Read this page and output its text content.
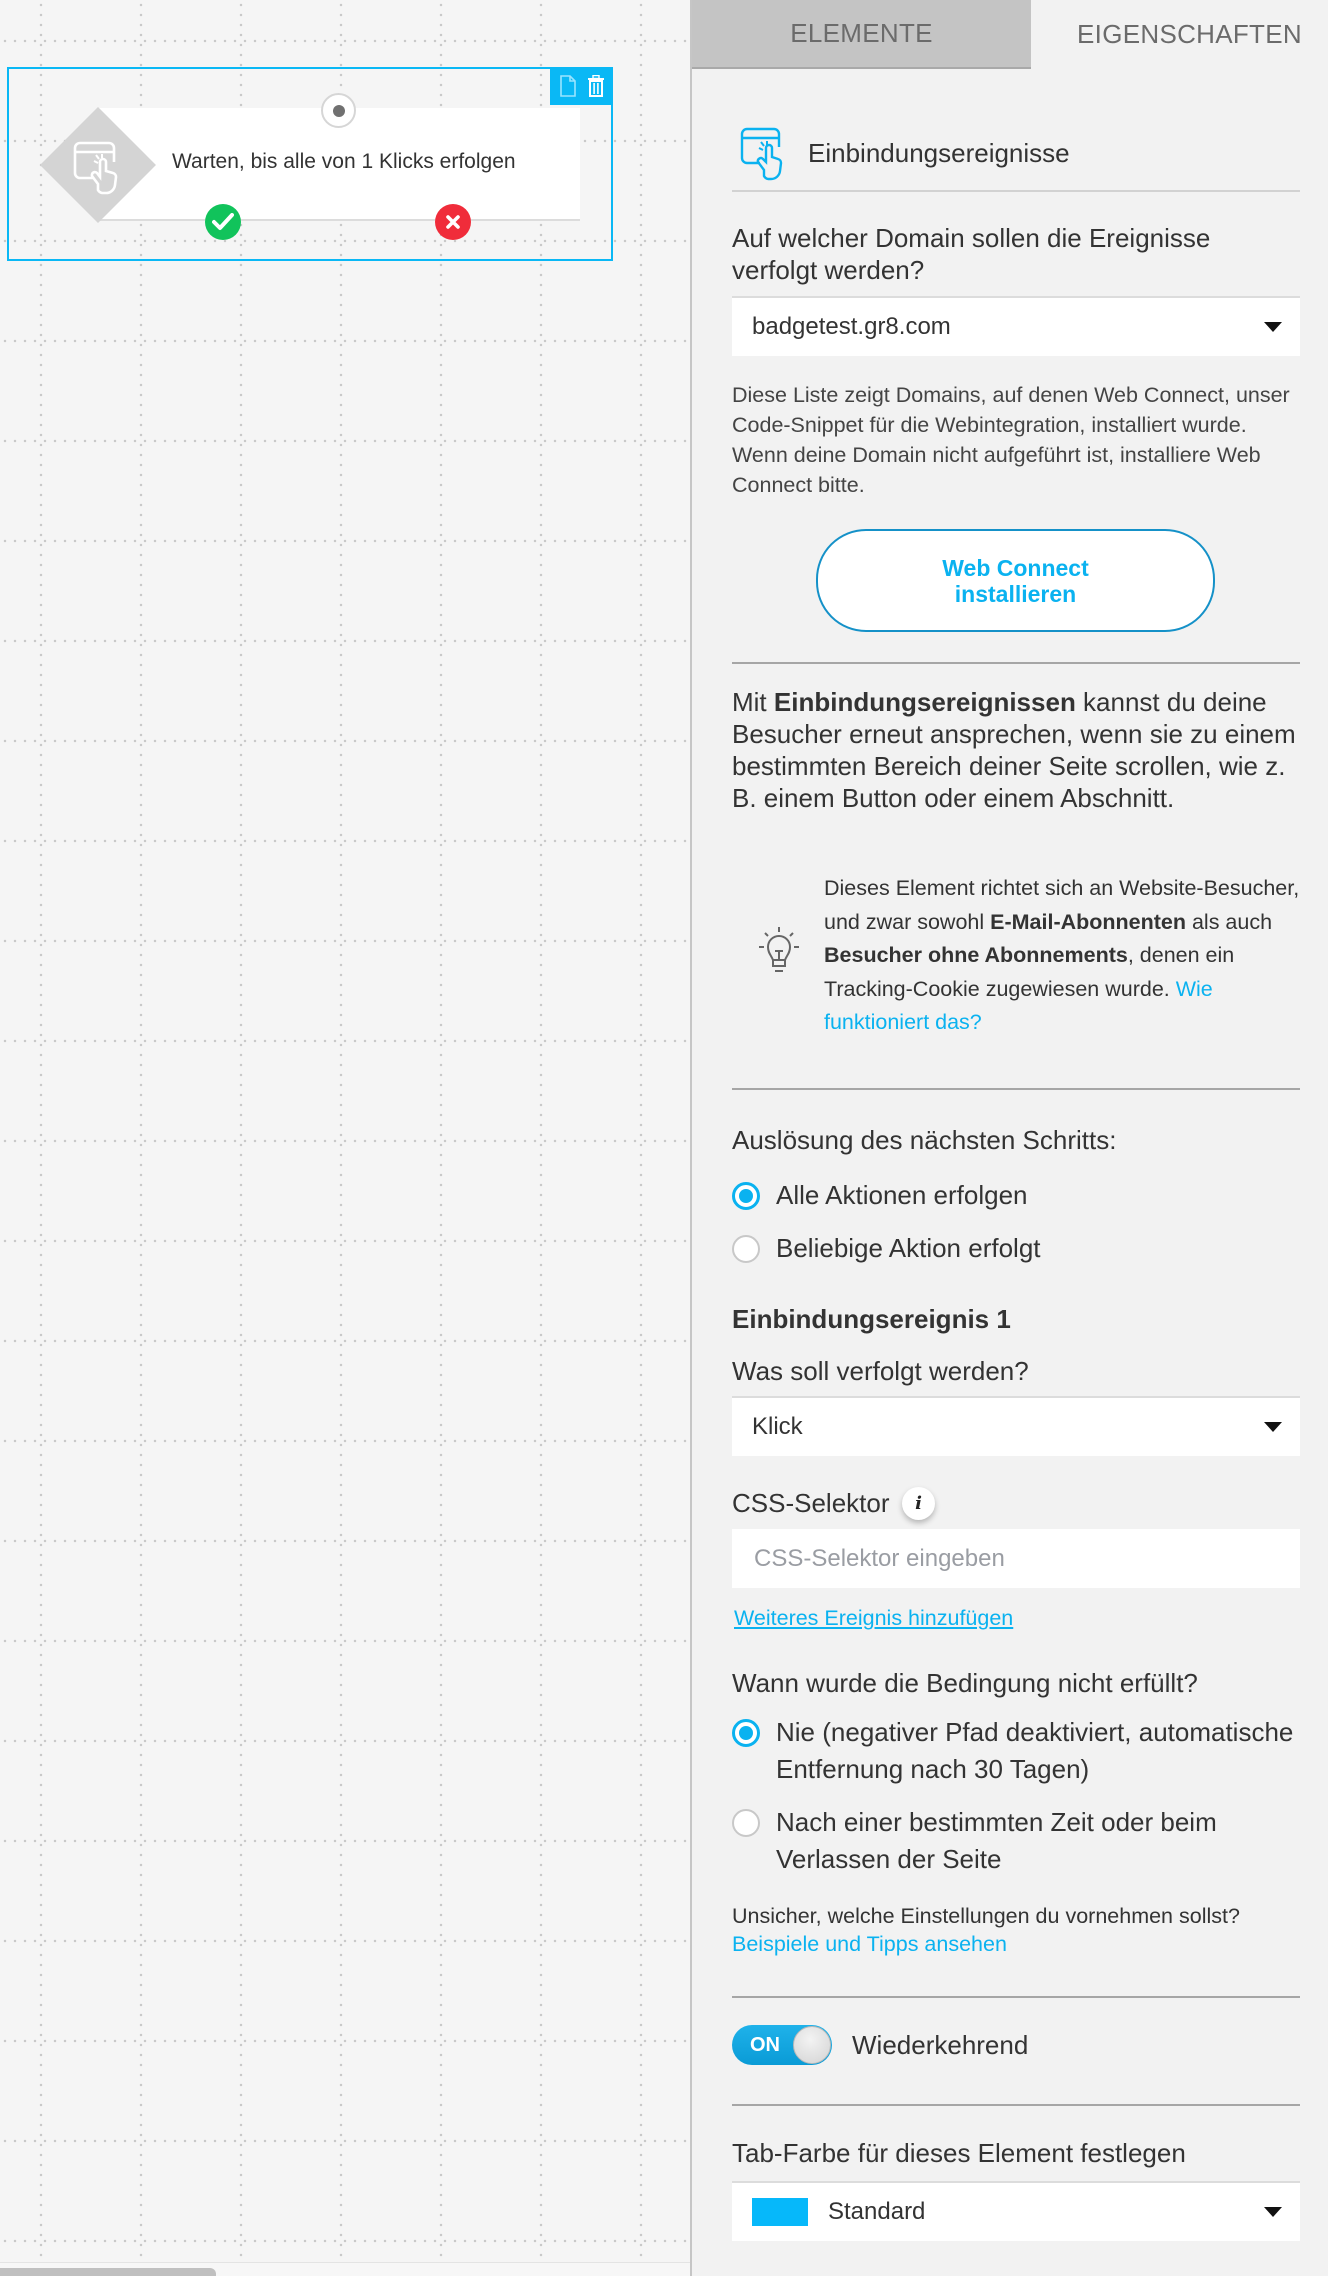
Warten, bis alle von 1 Klicks erfolgen
ELEMENTE	EIGENSCHAFTEN
Einbindungsereignisse
Auf welcher Domain sollen die Ereignisse verfolgt werden?
badgetest.gr8.com
Diese Liste zeigt Domains, auf denen Web Connect, unser Code-Snippet für die Webintegration, installiert wurde. Wenn deine Domain nicht aufgeführt ist, installiere Web Connect bitte.
Web Connect
installieren
Mit Einbindungsereignissen kannst du deine Besucher erneut ansprechen, wenn sie zu einem bestimmten Bereich deiner Seite scrollen, wie z. B. einem Button oder einem Abschnitt.
Dieses Element richtet sich an Website-Besucher, und zwar sowohl E-Mail-Abonnenten als auch Besucher ohne Abonnements, denen ein Tracking-Cookie zugewiesen wurde. Wie funktioniert das?
Auslösung des nächsten Schritts:
Alle Aktionen erfolgen
Beliebige Aktion erfolgt
Einbindungsereignis 1
Was soll verfolgt werden?
Klick
CSS-Selektor	i
CSS-Selektor eingeben
Weiteres Ereignis hinzufügen
Wann wurde die Bedingung nicht erfüllt?
Nie (negativer Pfad deaktiviert, automatische Entfernung nach 30 Tagen)
Nach einer bestimmten Zeit oder beim Verlassen der Seite
Unsicher, welche Einstellungen du vornehmen sollst?
Beispiele und Tipps ansehen
ON	Wiederkehrend
Tab-Farbe für dieses Element festlegen
Standard
